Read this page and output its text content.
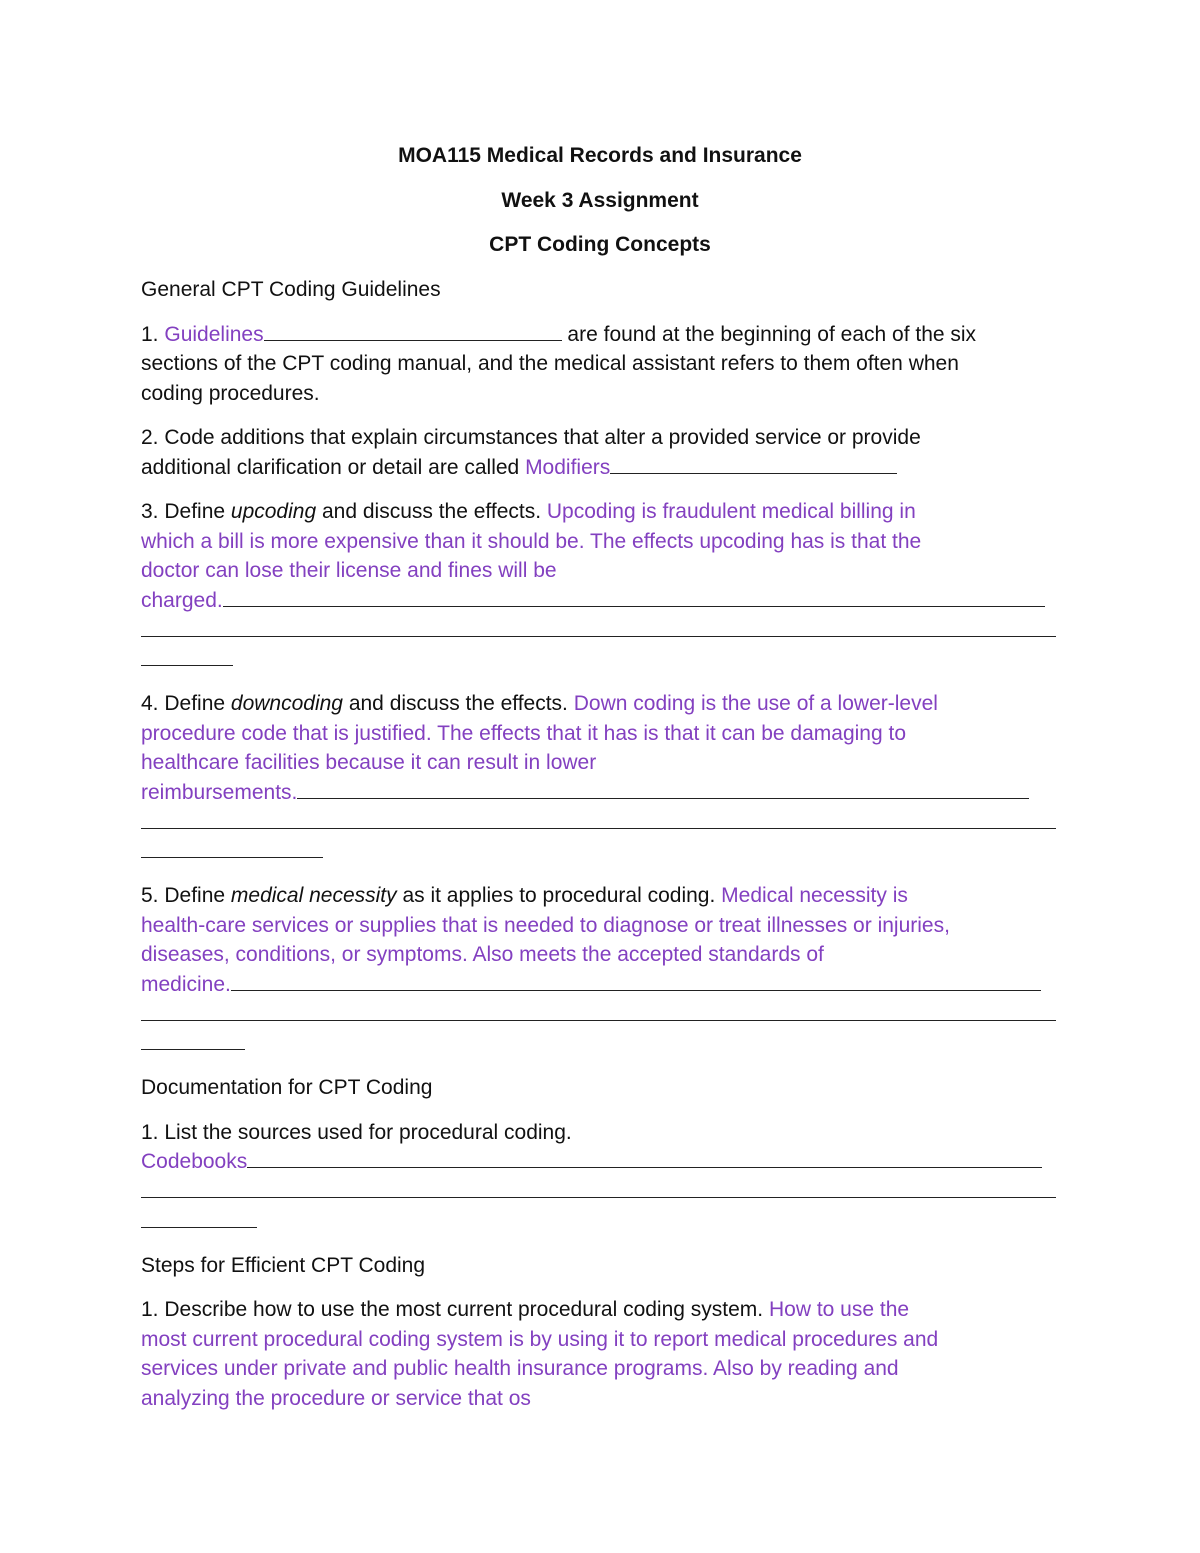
MOA115 Medical Records and Insurance
Week 3 Assignment
CPT Coding Concepts
General CPT Coding Guidelines
1. Guidelines	are found at the beginning of each of the six
sections of the CPT coding manual, and the medical assistant refers to them often when
coding procedures.
2. Code additions that explain circumstances that alter a provided service or provide
additional clarification or detail are called Modifiers
3. Define upcoding and discuss the effects. Upcoding is fraudulent medical billing in
which a bill is more expensive than it should be. The effects upcoding has is that the
doctor can lose their license and fines will be
charged.
4. Define downcoding and discuss the effects. Down coding is the use of a lower-level
procedure code that is justified. The effects that it has is that it can be damaging to
healthcare facilities because it can result in lower
reimbursements.
5. Define medical necessity as it applies to procedural coding. Medical necessity is
health-care services or supplies that is needed to diagnose or treat illnesses or injuries,
diseases, conditions, or symptoms. Also meets the accepted standards of
medicine.
Documentation for CPT Coding
1. List the sources used for procedural coding.
Codebooks
Steps for Efficient CPT Coding
1. Describe how to use the most current procedural coding system. How to use the
most current procedural coding system is by using it to report medical procedures and
services under private and public health insurance programs. Also by reading and
analyzing the procedure or service that os
